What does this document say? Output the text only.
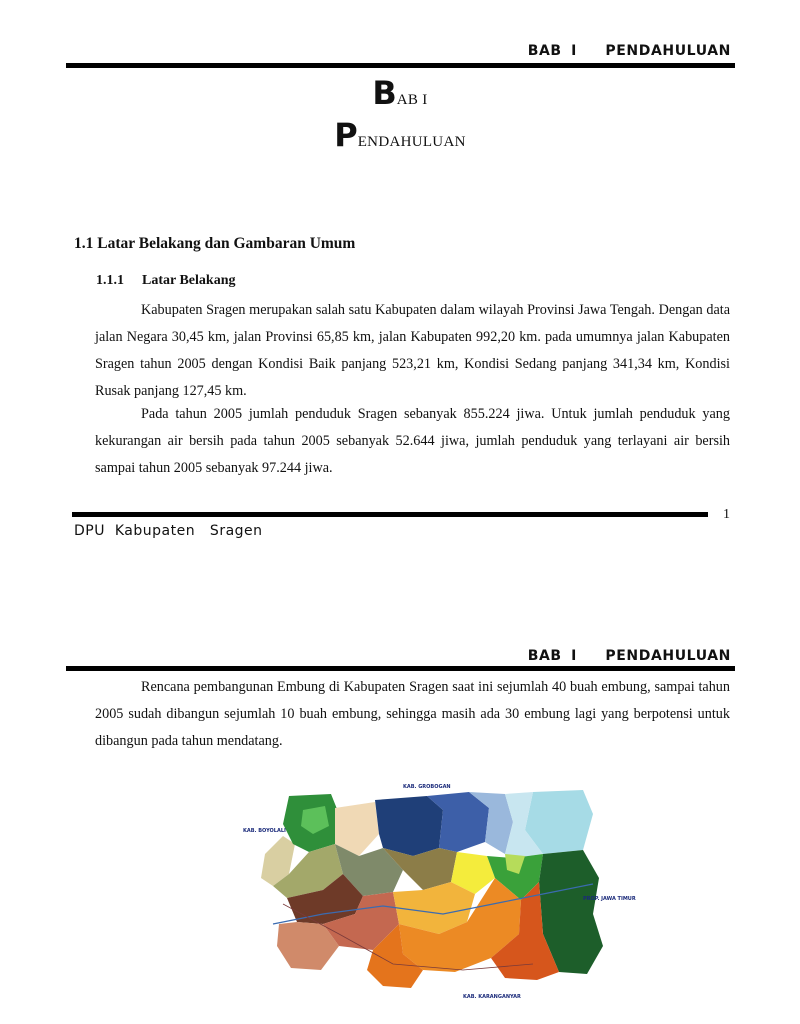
BAB I   PENDAHULUAN
BAB I
PENDAHULUAN
1.1 Latar Belakang dan Gambaran Umum
1.1.1 Latar Belakang

Kabupaten Sragen merupakan salah satu Kabupaten dalam wilayah Provinsi Jawa Tengah. Dengan data jalan Negara 30,45 km, jalan Provinsi 65,85 km, jalan Kabupaten 992,20 km. pada umumnya jalan Kabupaten Sragen tahun 2005 dengan Kondisi Baik panjang 523,21 km, Kondisi Sedang panjang 341,34 km, Kondisi Rusak panjang 127,45 km.

Pada tahun 2005 jumlah penduduk Sragen sebanyak 855.224 jiwa. Untuk jumlah penduduk yang kekurangan air bersih pada tahun 2005 sebanyak 52.644 jiwa, jumlah penduduk yang terlayani air bersih sampai tahun 2005 sebanyak 97.244 jiwa.

1
DPU  Kabupaten   Sragen
BAB I   PENDAHULUAN

Rencana pembangunan Embung di Kabupaten Sragen saat ini sejumlah 40 buah embung, sampai tahun 2005 sudah dibangun sejumlah 10 buah embung, sehingga masih ada 30 embung lagi yang berpotensi untuk dibangun pada tahun mendatang.

KAB. GROBOGAN
KAB. BOYOLALI
PROP. JAWA TIMUR
KAB. KARANGANYAR
